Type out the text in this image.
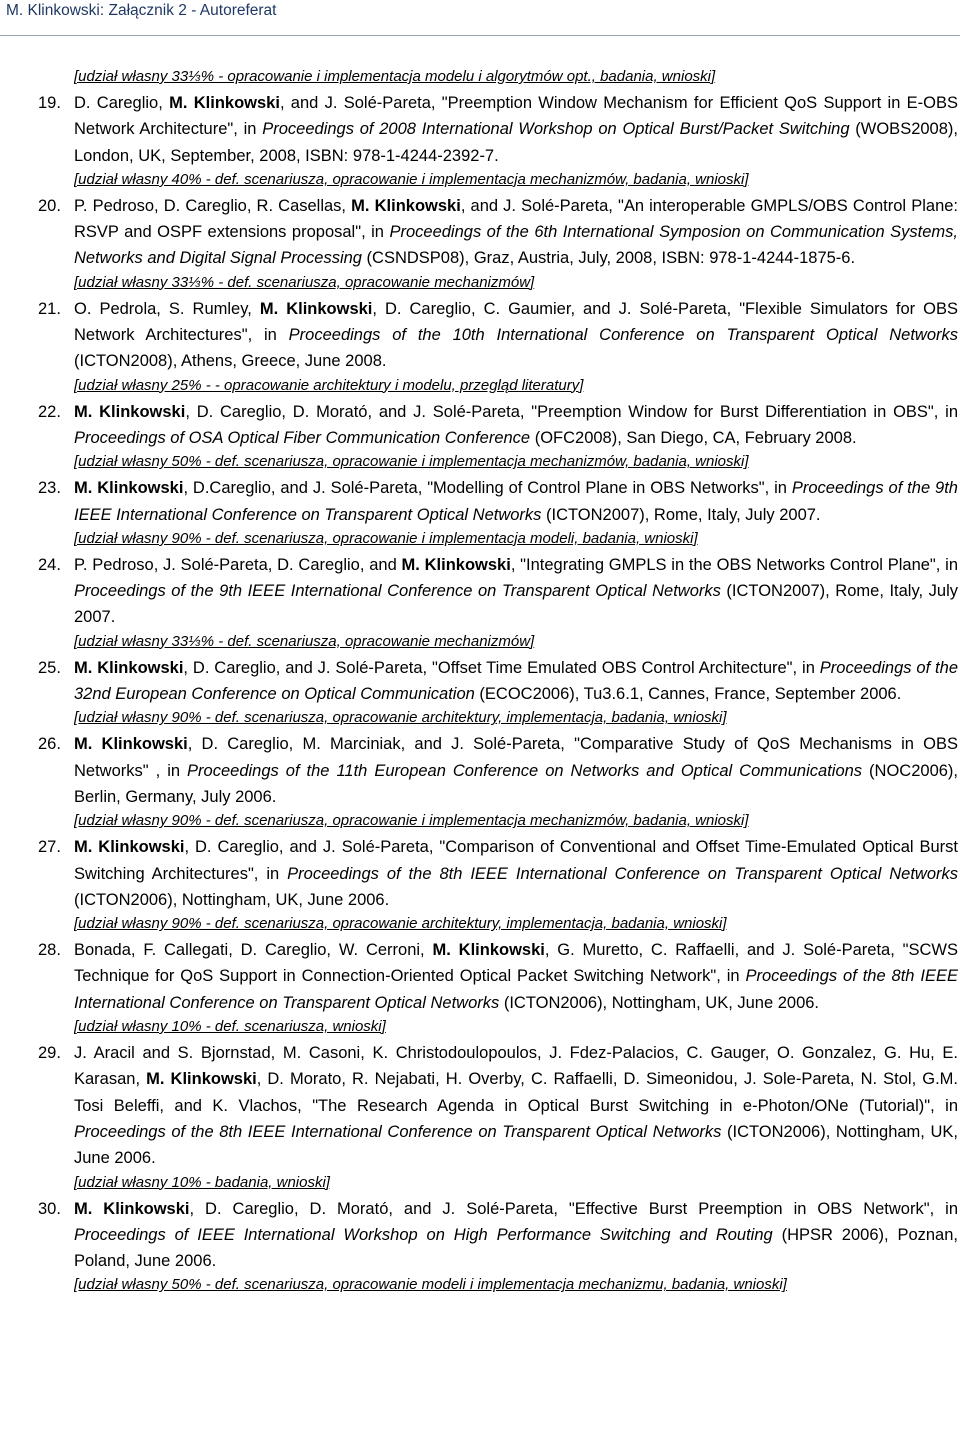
M. Klinkowski: Załącznik 2 - Autoreferat
[udział własny 33⅓% - opracowanie i implementacja modelu i algorytmów opt., badania, wnioski]
19. D. Careglio, M. Klinkowski, and J. Solé-Pareta, "Preemption Window Mechanism for Efficient QoS Support in E-OBS Network Architecture", in Proceedings of 2008 International Workshop on Optical Burst/Packet Switching (WOBS2008), London, UK, September, 2008, ISBN: 978-1-4244-2392-7.
[udział własny 40% - def. scenariusza, opracowanie i implementacja mechanizmów, badania, wnioski]
20. P. Pedroso, D. Careglio, R. Casellas, M. Klinkowski, and J. Solé-Pareta, "An interoperable GMPLS/OBS Control Plane: RSVP and OSPF extensions proposal", in Proceedings of the 6th International Symposion on Communication Systems, Networks and Digital Signal Processing (CSNDSP08), Graz, Austria, July, 2008, ISBN: 978-1-4244-1875-6.
[udział własny 33⅓% - def. scenariusza, opracowanie mechanizmów]
21. O. Pedrola, S. Rumley, M. Klinkowski, D. Careglio, C. Gaumier, and J. Solé-Pareta, "Flexible Simulators for OBS Network Architectures", in Proceedings of the 10th International Conference on Transparent Optical Networks (ICTON2008), Athens, Greece, June 2008.
[udział własny 25% - - opracowanie architektury i modelu, przegląd literatury]
22. M. Klinkowski, D. Careglio, D. Morató, and J. Solé-Pareta, "Preemption Window for Burst Differentiation in OBS", in Proceedings of OSA Optical Fiber Communication Conference (OFC2008), San Diego, CA, February 2008.
[udział własny 50% - def. scenariusza, opracowanie i implementacja mechanizmów, badania, wnioski]
23. M. Klinkowski, D.Careglio, and J. Solé-Pareta, "Modelling of Control Plane in OBS Networks", in Proceedings of the 9th IEEE International Conference on Transparent Optical Networks (ICTON2007), Rome, Italy, July 2007.
[udział własny 90% - def. scenariusza, opracowanie i implementacja modeli, badania, wnioski]
24. P. Pedroso, J. Solé-Pareta, D. Careglio, and M. Klinkowski, "Integrating GMPLS in the OBS Networks Control Plane", in Proceedings of the 9th IEEE International Conference on Transparent Optical Networks (ICTON2007), Rome, Italy, July 2007.
[udział własny 33⅓% - def. scenariusza, opracowanie mechanizmów]
25. M. Klinkowski, D. Careglio, and J. Solé-Pareta, "Offset Time Emulated OBS Control Architecture", in Proceedings of the 32nd European Conference on Optical Communication (ECOC2006), Tu3.6.1, Cannes, France, September 2006.
[udział własny 90% - def. scenariusza, opracowanie architektury, implementacja, badania, wnioski]
26. M. Klinkowski, D. Careglio, M. Marciniak, and J. Solé-Pareta, "Comparative Study of QoS Mechanisms in OBS Networks" , in Proceedings of the 11th European Conference on Networks and Optical Communications (NOC2006), Berlin, Germany, July 2006.
[udział własny 90% - def. scenariusza, opracowanie i implementacja mechanizmów, badania, wnioski]
27. M. Klinkowski, D. Careglio, and J. Solé-Pareta, "Comparison of Conventional and Offset Time-Emulated Optical Burst Switching Architectures", in Proceedings of the 8th IEEE International Conference on Transparent Optical Networks (ICTON2006), Nottingham, UK, June 2006.
[udział własny 90% - def. scenariusza, opracowanie architektury, implementacja, badania, wnioski]
28. Bonada, F. Callegati, D. Careglio, W. Cerroni, M. Klinkowski, G. Muretto, C. Raffaelli, and J. Solé-Pareta, "SCWS Technique for QoS Support in Connection-Oriented Optical Packet Switching Network", in Proceedings of the 8th IEEE International Conference on Transparent Optical Networks (ICTON2006), Nottingham, UK, June 2006.
[udział własny 10% - def. scenariusza, wnioski]
29. J. Aracil and S. Bjornstad, M. Casoni, K. Christodoulopoulos, J. Fdez-Palacios, C. Gauger, O. Gonzalez, G. Hu, E. Karasan, M. Klinkowski, D. Morato, R. Nejabati, H. Overby, C. Raffaelli, D. Simeonidou, J. Sole-Pareta, N. Stol, G.M. Tosi Beleffi, and K. Vlachos, "The Research Agenda in Optical Burst Switching in e-Photon/ONe (Tutorial)", in Proceedings of the 8th IEEE International Conference on Transparent Optical Networks (ICTON2006), Nottingham, UK, June 2006.
[udział własny 10% - badania, wnioski]
30. M. Klinkowski, D. Careglio, D. Morató, and J. Solé-Pareta, "Effective Burst Preemption in OBS Network", in Proceedings of IEEE International Workshop on High Performance Switching and Routing (HPSR 2006), Poznan, Poland, June 2006.
[udział własny 50% - def. scenariusza, opracowanie modeli i implementacja mechanizmu, badania, wnioski]
